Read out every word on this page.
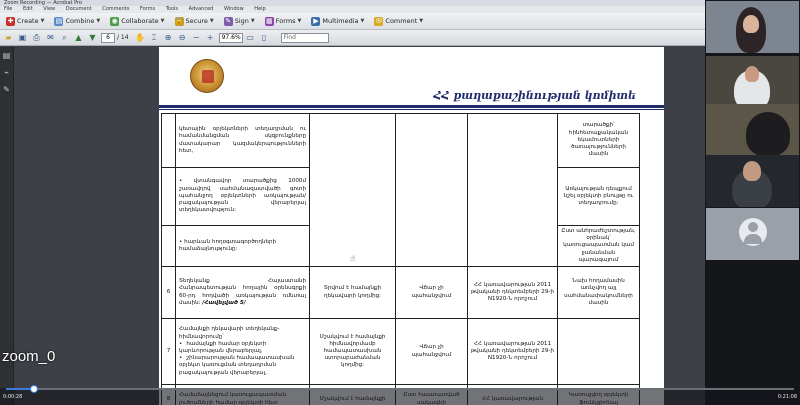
Zoom Recording — Acrobat Pro
File Edit View Document Comments Forms Tools Advanced Window Help
✚ Create ▼ ▤ Combine ▼ ◉ Collaborate ▼ 🔒 Secure ▼ ✎ Sign ▼ ▦ Forms ▼ ▶ Multimedia ▼ ✉ Comment ▼
▰ ▣ ⎙ ✉	⌕	▲ ▼	6	/ 14 ✋ ⌶	⊕ ⊖ − +	97.6% ▭	▯	Find
▤
⌁
✎	ՀՀ քաղաքաշինության կոմիտե
	կետային օբյեկտների տեղադրման ու համանմանցման սկզբունքները մատակարար կազմակերպությունների հետ,	☝			տարածքի՝ հինհետաքակական եկամուտների ծառայությունների մասին
	• վտանգավոր տարածքից 1000մ շառավղով սահմանազատվածի գոտի պահանջող օբյեկտների առկայության/բացակայության վերաբերյալ տեղեկատվություն:				Առկայության դեպքում նշել օբյեկտի բնույթը ու տեղադրումը:
	• հարևան հողօգտագործողների համաձայնությունը:				Ըստ անհրաժեշտության, օրինակ՝ կառուցապատման կամ ջանանման պարագայում
6	Տեղեկանք Հայաստանի Հանրապետության հողային օրենսգրքի 60-րդ հոդվածի առկայության ռմնտալ մասին: /Հավելված 5/	Տրվում է համայնքի ղեկավարի կողմից:	Վճար չի պահանջվում	ՀՀ կառավարության 2011 թվականի դեկտեմբերի 29-ի N1920-Ն որոշում	Նախ հողամասին առնչվող այլ սահմանափակումների մասին
7	Համայնքի ղեկավարի տեղեկանք-հիմնավորումը՝
• համայնքի համար օբյեկտի կարևորության վերաբերյալ,
• շինարարության համապատասխան օբյեկտ կառուցման տեղադրման բացակայության վերաբերյալ,	Մշակվում է համայնքի հիմնավորմամբ համապատասխան ստորաբաժանման կողմից:	Վճար չի պահանջվում	ՀՀ կառավարության 2011 թվականի դեկտեմբերի 29-ի N1920-Ն որոշում	

zoom_0
0:00:28	0:21:08
